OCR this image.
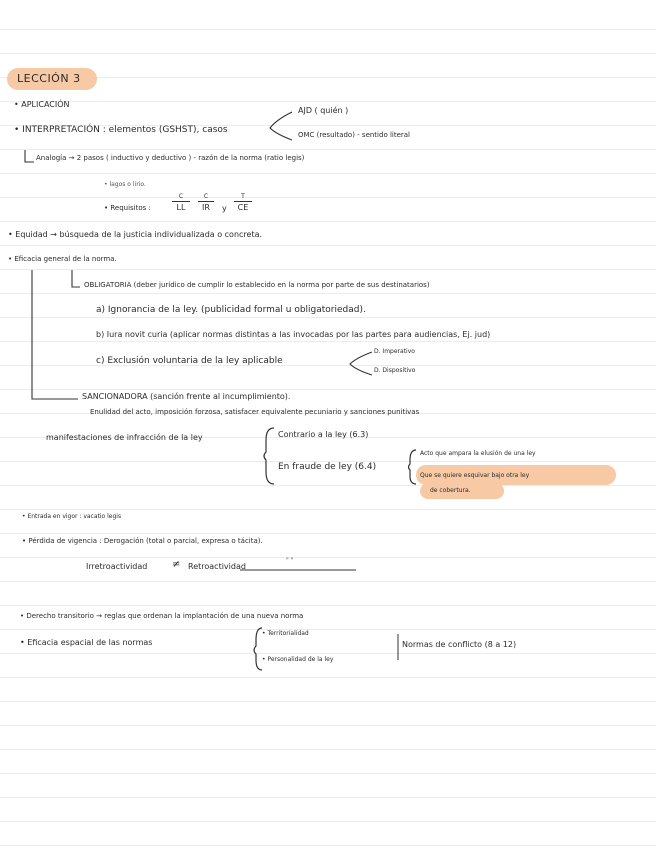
LECCIÓN 3
• APLICACIÓN
• INTERPRETACIÓN : elementos (GSHST), casos
AJD ( quién )
OMC (resultado) - sentido literal
Analogía → 2 pasos ( inductivo y deductivo ) - razón de la norma (ratio legis)
• lagos o lirio.
• Requisitos :
C
LL
C
IR	y
T
CE
• Equidad → búsqueda de la justicia individualizada o concreta.
• Eficacia general de la norma.
OBLIGATORIA (deber jurídico de cumplir lo establecido en la norma por parte de sus destinatarios)
a) Ignorancia de la ley. (publicidad formal u obligatoriedad).
b) Iura novit curia (aplicar normas distintas a las invocadas por las partes para audiencias, Ej. jud)
c) Exclusión voluntaria de la ley aplicable
D. Imperativo
D. Dispositivo
SANCIONADORA (sanción frente al incumplimiento).
Enulidad del acto, imposición forzosa, satisfacer equivalente pecuniario y sanciones punitivas
manifestaciones de infracción de la ley	Contrario a la ley (6.3)
En fraude de ley (6.4)
Acto que ampara la elusión de una ley
Que se quiere esquivar bajo otra ley
de cobertura.
• Entrada en vigor : vacatio legis
• Pérdida de vigencia : Derogación (total o parcial, expresa o tácita).
Irretroactividad ≠ Retroactividad
" "
• Derecho transitorio → reglas que ordenan la implantación de una nueva norma
• Eficacia espacial de las normas
• Territorialidad
• Personalidad de la ley
Normas de conflicto (8 a 12)
